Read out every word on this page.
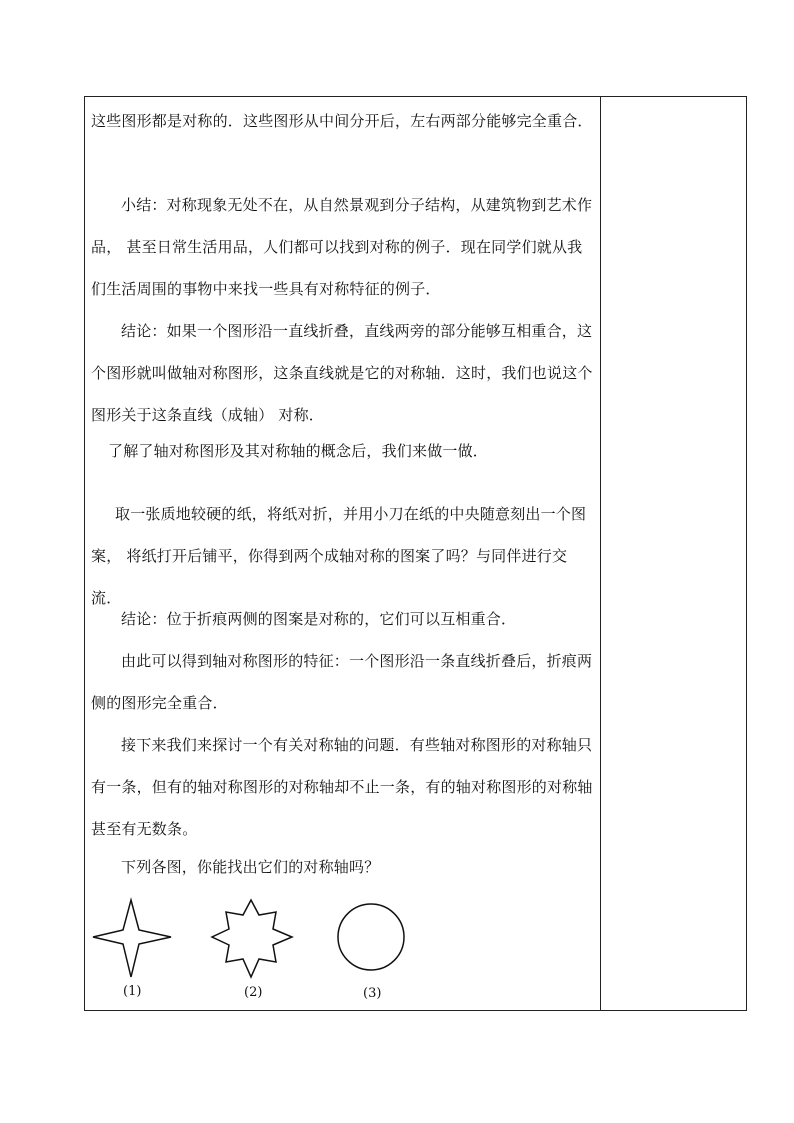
这些图形都是对称的．这些图形从中间分开后，左右两部分能够完全重合．
小结：对称现象无处不在，从自然景观到分子结构，从建筑物到艺术作品， 甚至日常生活用品，人们都可以找到对称的例子．现在同学们就从我们生活周围的事物中来找一些具有对称特征的例子．
结论：如果一个图形沿一直线折叠，直线两旁的部分能够互相重合，这个图形就叫做轴对称图形，这条直线就是它的对称轴．这时，我们也说这个图形关于这条直线（成轴） 对称．
了解了轴对称图形及其对称轴的概念后，我们来做一做．
取一张质地较硬的纸，将纸对折，并用小刀在纸的中央随意刻出一个图案， 将纸打开后铺平，你得到两个成轴对称的图案了吗？与同伴进行交流．
结论：位于折痕两侧的图案是对称的，它们可以互相重合．
由此可以得到轴对称图形的特征：一个图形沿一条直线折叠后，折痕两侧的图形完全重合．
接下来我们来探讨一个有关对称轴的问题．有些轴对称图形的对称轴只有一条，但有的轴对称图形的对称轴却不止一条，有的轴对称图形的对称轴甚至有无数条。
下列各图，你能找出它们的对称轴吗？
(1)	(2)	(3)
